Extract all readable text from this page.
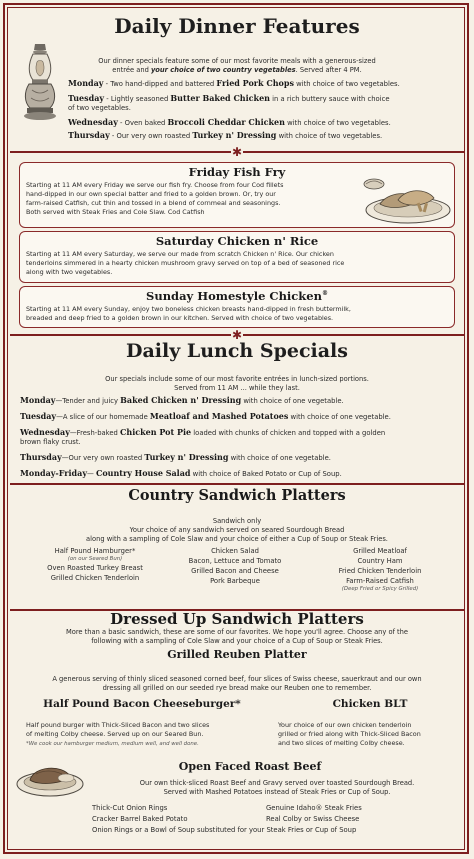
Daily Dinner Features
Our dinner specials feature some of our most favorite meals with a generous-sized
entrée and your choice of two country vegetables. Served after 4 PM.
Monday - Two hand-dipped and battered Fried Pork Chops with choice of two vegetables.
Tuesday - Lightly seasoned Butter Baked Chicken in a rich buttery sauce with choice
of two vegetables.
Wednesday - Oven baked Broccoli Cheddar Chicken with choice of two vegetables.
Thursday - Our very own roasted Turkey n' Dressing with choice of two vegetables.
✱
Friday Fish Fry
Starting at 11 AM every Friday we serve our fish fry. Choose from four Cod fillets
hand-dipped in our own special batter and fried to a golden brown. Or, try our
farm-raised Catfish, cut thin and tossed in a blend of cornmeal and seasonings.
Both served with Steak Fries and Cole Slaw. Cod Catfish
Saturday Chicken n' Rice
Starting at 11 AM every Saturday, we serve our made from scratch Chicken n' Rice. Our chicken
tenderloins simmered in a hearty chicken mushroom gravy served on top of a bed of seasoned rice
along with two vegetables.
Sunday Homestyle Chicken®
Starting at 11 AM every Sunday, enjoy two boneless chicken breasts hand-dipped in fresh buttermilk,
breaded and deep fried to a golden brown in our kitchen. Served with choice of two vegetables.
✱
Daily Lunch Specials
Our specials include some of our most favorite entrées in lunch-sized portions.
Served from 11 AM ... while they last.
Monday—Tender and juicy Baked Chicken n' Dressing with choice of one vegetable.
Tuesday—A slice of our homemade Meatloaf and Mashed Potatoes with choice of one vegetable.
Wednesday—Fresh-baked Chicken Pot Pie loaded with chunks of chicken and topped with a golden
brown flaky crust.
Thursday—Our very own roasted Turkey n' Dressing with choice of one vegetable.
Monday-Friday— Country House Salad with choice of Baked Potato or Cup of Soup.
Country Sandwich Platters
Sandwich only
Your choice of any sandwich served on seared Sourdough Bread
along with a sampling of Cole Slaw and your choice of either a Cup of Soup or Steak Fries.
Half Pound Hamburger*
(on our Seared Bun)
Oven Roasted Turkey Breast
Grilled Chicken Tenderloin
Chicken Salad
Bacon, Lettuce and Tomato
Grilled Bacon and Cheese
Pork Barbeque
Grilled Meatloaf
Country Ham
Fried Chicken Tenderloin
Farm-Raised Catfish
(Deep Fried or Spicy Grilled)
Dressed Up Sandwich Platters
More than a basic sandwich, these are some of our favorites. We hope you'll agree. Choose any of the
following with a sampling of Cole Slaw and your choice of a Cup of Soup or Steak Fries.
Grilled Reuben Platter
A generous serving of thinly sliced seasoned corned beef, four slices of Swiss cheese, sauerkraut and our own
dressing all grilled on our seeded rye bread make our Reuben one to remember.
Half Pound Bacon Cheeseburger*
Half pound burger with Thick-Sliced Bacon and two slices
of melting Colby cheese. Served up on our Seared Bun.
*We cook our hamburger medium, medium well, and well done.
Chicken BLT
Your choice of our own chicken tenderloin
grilled or fried along with Thick-Sliced Bacon
and two slices of melting Colby cheese.
Open Faced Roast Beef
Our own thick-sliced Roast Beef and Gravy served over toasted Sourdough Bread.
Served with Mashed Potatoes instead of Steak Fries or Cup of Soup.
Thick-Cut Onion Rings
Cracker Barrel Baked Potato
Genuine Idaho® Steak Fries
Real Colby or Swiss Cheese
Onion Rings or a Bowl of Soup substituted for your Steak Fries or Cup of Soup
